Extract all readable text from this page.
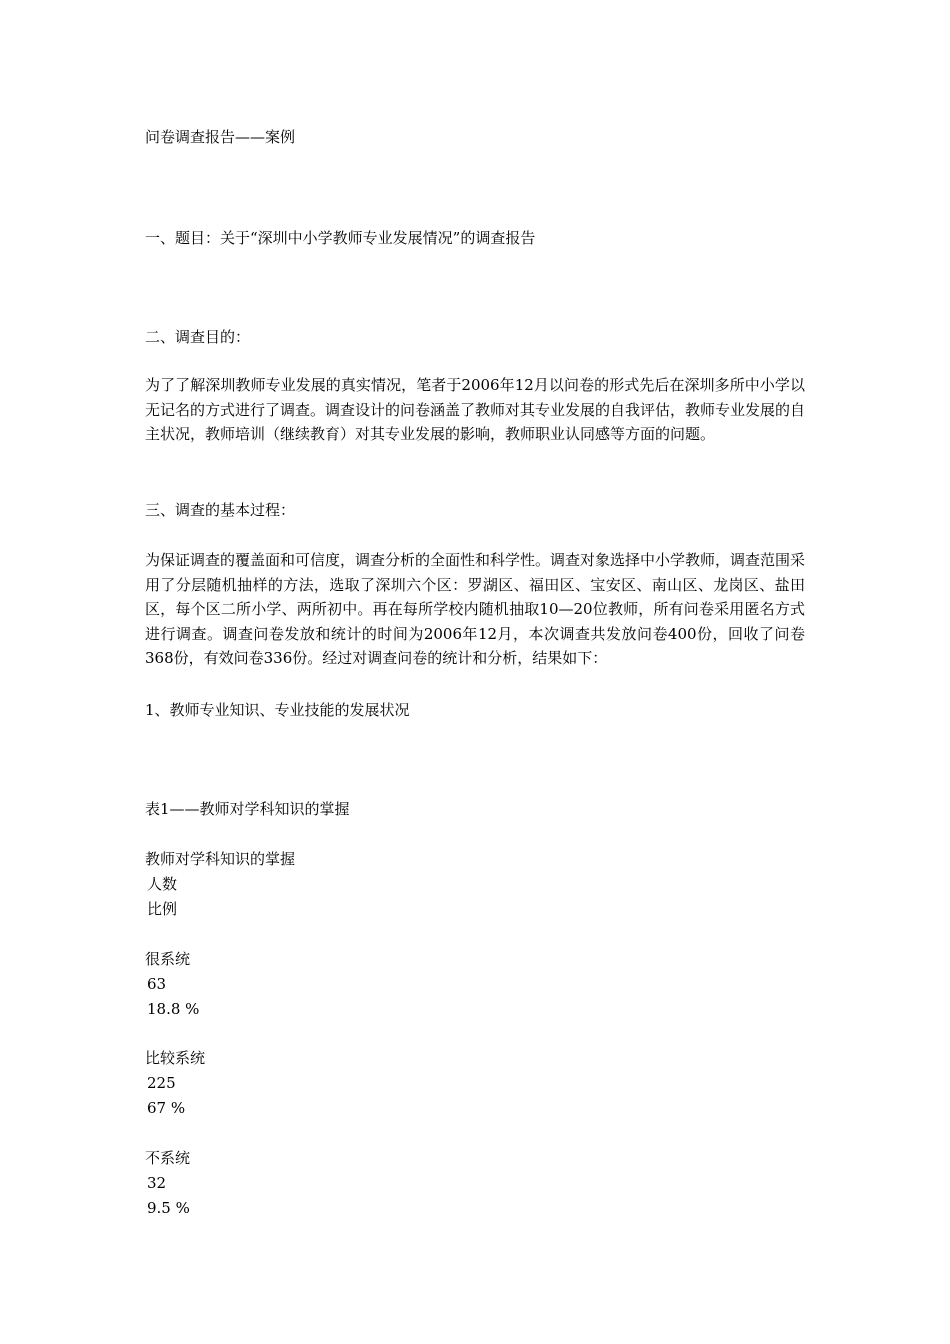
问卷调查报告——案例
一、题目：关于“深圳中小学教师专业发展情况”的调查报告
二、调查目的：
为了了解深圳教师专业发展的真实情况，笔者于2006年12月以问卷的形式先后在深圳多所中小学以无记名的方式进行了调查。调查设计的问卷涵盖了教师对其专业发展的自我评估，教师专业发展的自主状况，教师培训（继续教育）对其专业发展的影响，教师职业认同感等方面的问题。
三、调查的基本过程：
为保证调查的覆盖面和可信度，调查分析的全面性和科学性。调查对象选择中小学教师，调查范围采用了分层随机抽样的方法，选取了深圳六个区：罗湖区、福田区、宝安区、南山区、龙岗区、盐田区，每个区二所小学、两所初中。再在每所学校内随机抽取10—20位教师，所有问卷采用匿名方式进行调查。调查问卷发放和统计的时间为2006年12月，本次调查共发放问卷400份，回收了问卷368份，有效问卷336份。经过对调查问卷的统计和分析，结果如下：
1、教师专业知识、专业技能的发展状况
表1——教师对学科知识的掌握
教师对学科知识的掌握
人数
比例
很系统
63
18.8 %
比较系统
225
67 %
不系统
32
9.5 %
